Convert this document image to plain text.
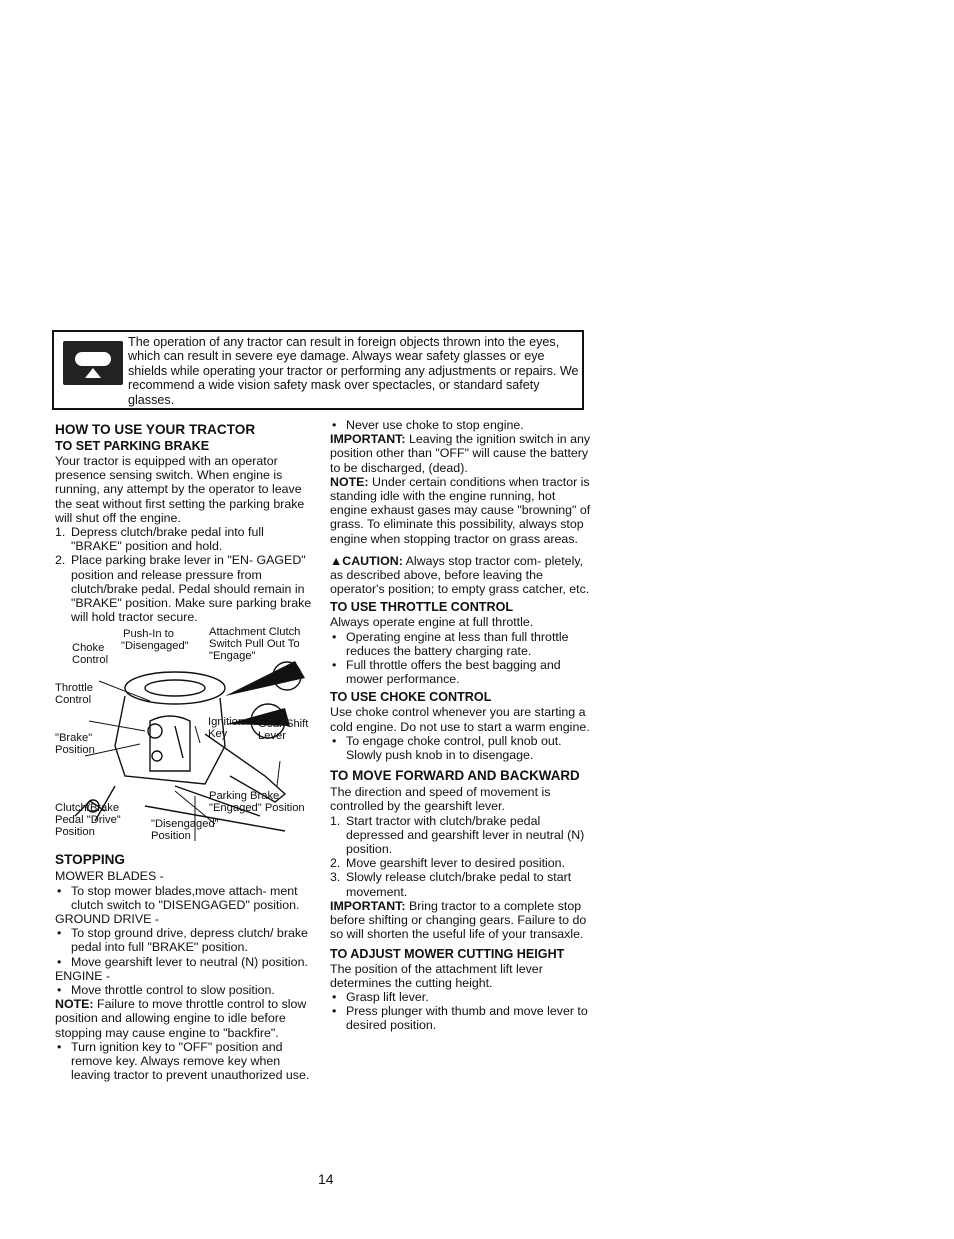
The operation of any tractor can result in foreign objects thrown into the eyes, which can result in severe eye damage. Always wear safety glasses or eye shields while operating your tractor or performing any adjustments or repairs. We recommend a wide vision safety mask over spectacles, or standard safety glasses.

HOW TO USE YOUR TRACTOR
TO SET PARKING BRAKE

Your tractor is equipped with an operator presence sensing switch. When engine is running, any attempt by the operator to leave the seat without first setting the parking brake will shut off the engine.

1. Depress clutch/brake pedal into full "BRAKE" position and hold.
2. Place parking brake lever in "EN- GAGED" position and release pressure from clutch/brake pedal. Pedal should remain in "BRAKE" position. Make sure parking brake will hold tractor secure.
Push-In to
"Disengaged"
Attachment Clutch
Switch Pull Out To
"Engage"
Choke
Control
Throttle
Control
"Brake"
Position
Ignition
Key
Gear Shift
Lever
Parking Brake
"Engaged" Position
Clutch/Brake
Pedal "Drive"
Position
"Disengaged"
Position
STOPPING

MOWER BLADES -

• To stop mower blades,move attach- ment clutch switch to "DISENGAGED" position.

GROUND DRIVE -

• To stop ground drive, depress clutch/ brake pedal into full "BRAKE" position.
• Move gearshift lever to neutral (N) position.

ENGINE -

• Move throttle control to slow position.

NOTE: Failure to move throttle control to slow position and allowing engine to idle before stopping may cause engine to "backfire".

• Turn ignition key to "OFF" position and remove key. Always remove key when leaving tractor to prevent unauthorized use.
• Never use choke to stop engine.

IMPORTANT: Leaving the ignition switch in any position other than "OFF" will cause the battery to be discharged, (dead).

NOTE: Under certain conditions when tractor is standing idle with the engine running, hot engine exhaust gases may cause "browning" of grass. To eliminate this possibility, always stop engine when stopping tractor on grass areas.

▲CAUTION: Always stop tractor com- pletely, as described above, before leaving the operator's position; to empty grass catcher, etc.

TO USE THROTTLE CONTROL

Always operate engine at full throttle.

• Operating engine at less than full throttle reduces the battery charging rate.
• Full throttle offers the best bagging and mower performance.
TO USE CHOKE CONTROL

Use choke control whenever you are starting a cold engine. Do not use to start a warm engine.

• To engage choke control, pull knob out. Slowly push knob in to disengage.
TO MOVE FORWARD AND BACKWARD

The direction and speed of movement is controlled by the gearshift lever.

1. Start tractor with clutch/brake pedal depressed and gearshift lever in neutral (N) position.
2. Move gearshift lever to desired position.
3. Slowly release clutch/brake pedal to start movement.

IMPORTANT: Bring tractor to a complete stop before shifting or changing gears. Failure to do so will shorten the useful life of your transaxle.

TO ADJUST MOWER CUTTING HEIGHT

The position of the attachment lift lever determines the cutting height.

• Grasp lift lever.
• Press plunger with thumb and move lever to desired position.
14
